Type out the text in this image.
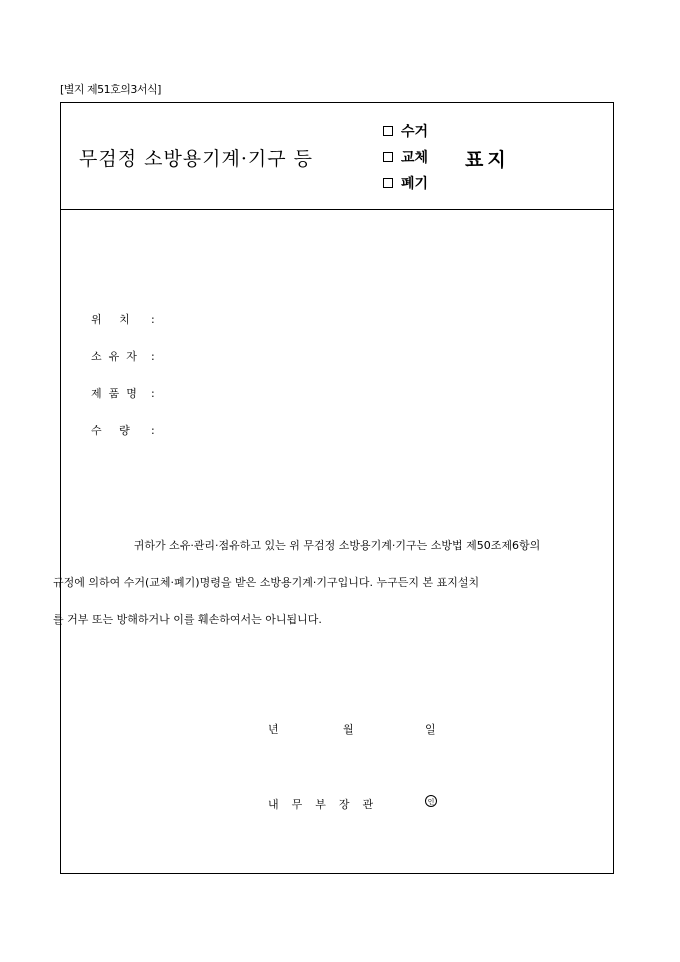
[별지 제51호의3서식]
무검정 소방용기계·기구 등
수거
교체
폐기
표지
위 치 :
소유자 :
제품명 :
수 량 :
귀하가 소유·관리·점유하고 있는 위 무검정 소방용기계·기구는 소방법 제50조제6항의
규정에 의하여 수거(교체·폐기)명령을 받은 소방용기계·기구입니다. 누구든지 본 표지설치
를 거부 또는 방해하거나 이를 훼손하여서는 아니됩니다.
년	월	일
내무부장관	인
